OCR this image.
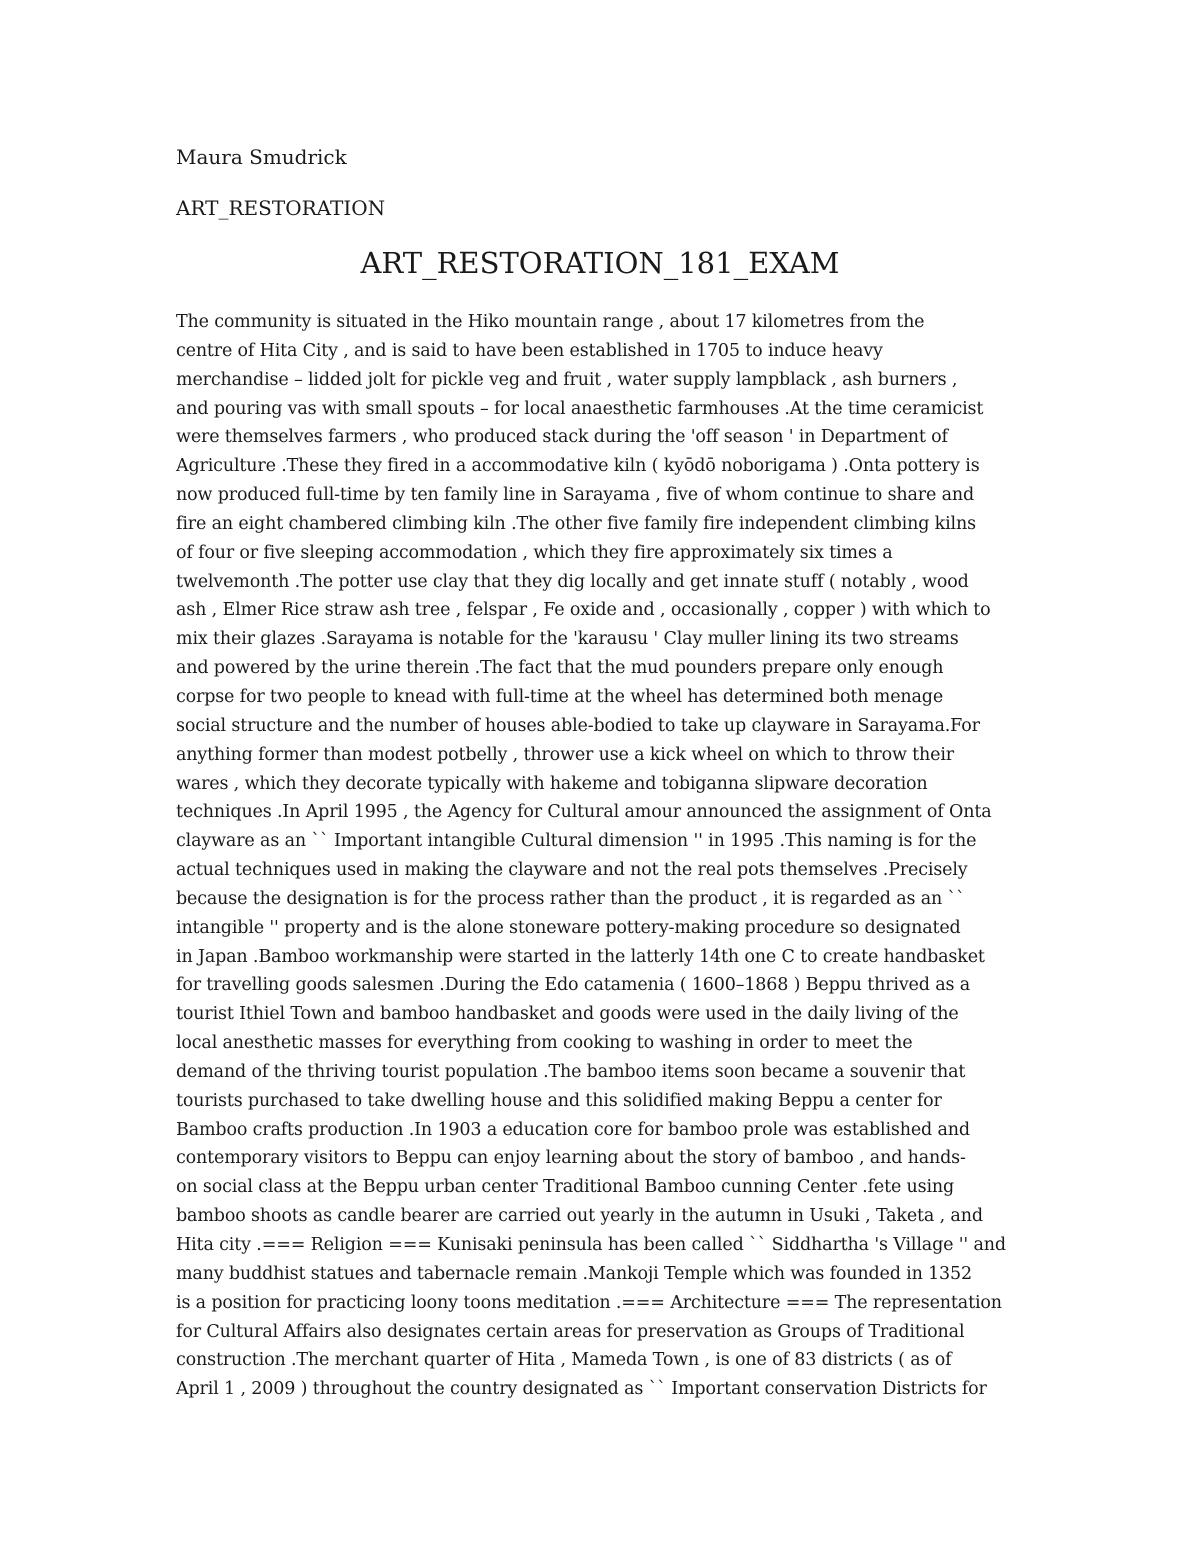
Maura Smudrick
ART_RESTORATION
ART_RESTORATION_181_EXAM
The community is situated in the Hiko mountain range , about 17 kilometres from the
centre of Hita City , and is said to have been established in 1705 to induce heavy
merchandise – lidded jolt for pickle veg and fruit , water supply lampblack , ash burners ,
and pouring vas with small spouts – for local anaesthetic farmhouses .At the time ceramicist
were themselves farmers , who produced stack during the 'off season ' in Department of
Agriculture .These they fired in a accommodative kiln ( kyōdō noborigama ) .Onta pottery is
now produced full-time by ten family line in Sarayama , five of whom continue to share and
fire an eight chambered climbing kiln .The other five family fire independent climbing kilns
of four or five sleeping accommodation , which they fire approximately six times a
twelvemonth .The potter use clay that they dig locally and get innate stuff ( notably , wood
ash , Elmer Rice straw ash tree , felspar , Fe oxide and , occasionally , copper ) with which to
mix their glazes .Sarayama is notable for the 'karausu ' Clay muller lining its two streams
and powered by the urine therein .The fact that the mud pounders prepare only enough
corpse for two people to knead with full-time at the wheel has determined both menage
social structure and the number of houses able-bodied to take up clayware in Sarayama.For
anything former than modest potbelly , thrower use a kick wheel on which to throw their
wares , which they decorate typically with hakeme and tobiganna slipware decoration
techniques .In April 1995 , the Agency for Cultural amour announced the assignment of Onta
clayware as an `` Important intangible Cultural dimension '' in 1995 .This naming is for the
actual techniques used in making the clayware and not the real pots themselves .Precisely
because the designation is for the process rather than the product , it is regarded as an ``
intangible '' property and is the alone stoneware pottery-making procedure so designated
in Japan .Bamboo workmanship were started in the latterly 14th one C to create handbasket
for travelling goods salesmen .During the Edo catamenia ( 1600–1868 ) Beppu thrived as a
tourist Ithiel Town and bamboo handbasket and goods were used in the daily living of the
local anesthetic masses for everything from cooking to washing in order to meet the
demand of the thriving tourist population .The bamboo items soon became a souvenir that
tourists purchased to take dwelling house and this solidified making Beppu a center for
Bamboo crafts production .In 1903 a education core for bamboo prole was established and
contemporary visitors to Beppu can enjoy learning about the story of bamboo , and hands-
on social class at the Beppu urban center Traditional Bamboo cunning Center .fete using
bamboo shoots as candle bearer are carried out yearly in the autumn in Usuki , Taketa , and
Hita city .=== Religion === Kunisaki peninsula has been called `` Siddhartha 's Village '' and
many buddhist statues and tabernacle remain .Mankoji Temple which was founded in 1352
is a position for practicing loony toons meditation .=== Architecture === The representation
for Cultural Affairs also designates certain areas for preservation as Groups of Traditional
construction .The merchant quarter of Hita , Mameda Town , is one of 83 districts ( as of
April 1 , 2009 ) throughout the country designated as `` Important conservation Districts for
